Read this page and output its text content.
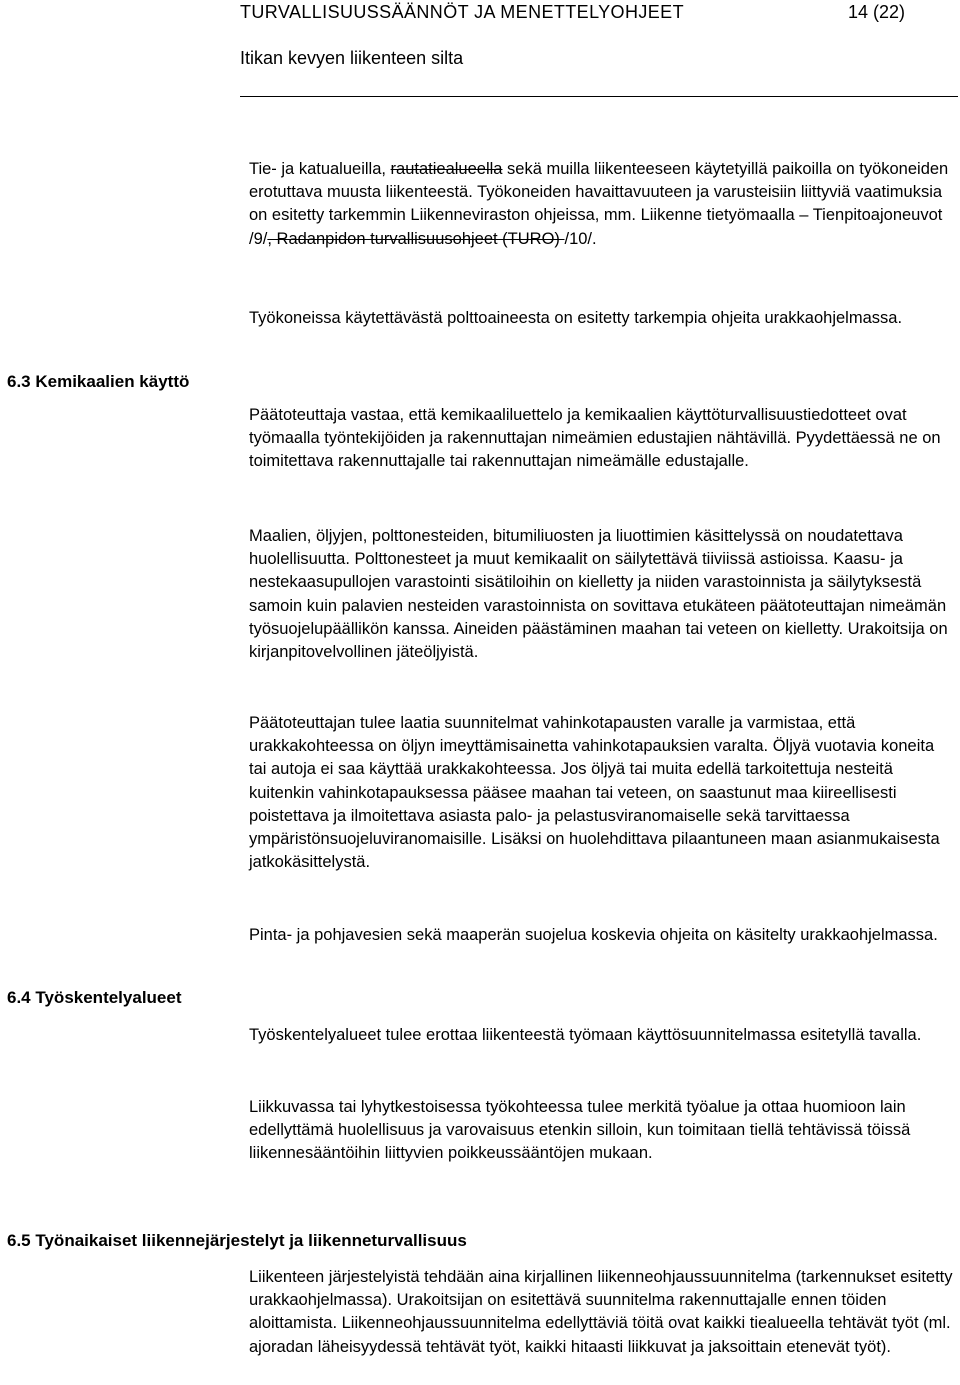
TURVALLISUUSSÄÄNNÖT JA MENETTELYOHJEET	14 (22)
Itikan kevyen liikenteen silta

Tie- ja katualueilla, rautatiealueella sekä muilla liikenteeseen käytetyillä paikoilla on työkoneiden erotuttava muusta liikenteestä. Työkoneiden havaittavuuteen ja varusteisiin liittyviä vaatimuksia on esitetty tarkemmin Liikenneviraston ohjeissa, mm. Liikenne tietyömaalla – Tienpitoajoneuvot /9/, Radanpidon turvallisuusohjeet (TURO) /10/.

Työkoneissa käytettävästä polttoaineesta on esitetty tarkempia ohjeita urakkaohjelmassa.

6.3 Kemikaalien käyttö

Päätoteuttaja vastaa, että kemikaaliluettelo ja kemikaalien käyttöturvallisuustiedotteet ovat työmaalla työntekijöiden ja rakennuttajan nimeämien edustajien nähtävillä. Pyydettäessä ne on toimitettava rakennuttajalle tai rakennuttajan nimeämälle edustajalle.

Maalien, öljyjen, polttonesteiden, bitumiliuosten ja liuottimien käsittelyssä on noudatettava huolellisuutta. Polttonesteet ja muut kemikaalit on säilytettävä tiiviissä astioissa. Kaasu- ja nestekaasupullojen varastointi sisätiloihin on kielletty ja niiden varastoinnista ja säilytyksestä samoin kuin palavien nesteiden varastoinnista on sovittava etukäteen päätoteuttajan nimeämän työsuojelupäällikön kanssa. Aineiden päästäminen maahan tai veteen on kielletty. Urakoitsija on kirjanpitovelvollinen jäteöljyistä.

Päätoteuttajan tulee laatia suunnitelmat vahinkotapausten varalle ja varmistaa, että urakkakohteessa on öljyn imeyttämisainetta vahinkotapauksien varalta. Öljyä vuotavia koneita tai autoja ei saa käyttää urakkakohteessa. Jos öljyä tai muita edellä tarkoitettuja nesteitä kuitenkin vahinkotapauksessa pääsee maahan tai veteen, on saastunut maa kiireellisesti poistettava ja ilmoitettava asiasta palo- ja pelastusviranomaiselle sekä tarvittaessa ympäristönsuojeluviranomaisille. Lisäksi on huolehdittava pilaantuneen maan asianmukaisesta jatkokäsittelystä.

Pinta- ja pohjavesien sekä maaperän suojelua koskevia ohjeita on käsitelty urakkaohjelmassa.

6.4 Työskentelyalueet

Työskentelyalueet tulee erottaa liikenteestä työmaan käyttösuunnitelmassa esitetyllä tavalla.

Liikkuvassa tai lyhytkestoisessa työkohteessa tulee merkitä työalue ja ottaa huomioon lain edellyttämä huolellisuus ja varovaisuus etenkin silloin, kun toimitaan tiellä tehtävissä töissä liikennesääntöihin liittyvien poikkeussääntöjen mukaan.

6.5 Työnaikaiset liikennejärjestelyt ja liikenneturvallisuus

Liikenteen järjestelyistä tehdään aina kirjallinen liikenneohjaussuunnitelma (tarkennukset esitetty urakkaohjelmassa). Urakoitsijan on esitettävä suunnitelma rakennuttajalle ennen töiden aloittamista. Liikenneohjaussuunnitelma edellyttäviä töitä ovat kaikki tiealueella tehtävät työt (ml. ajoradan läheisyydessä tehtävät työt, kaikki hitaasti liikkuvat ja jaksoittain etenevät työt).
